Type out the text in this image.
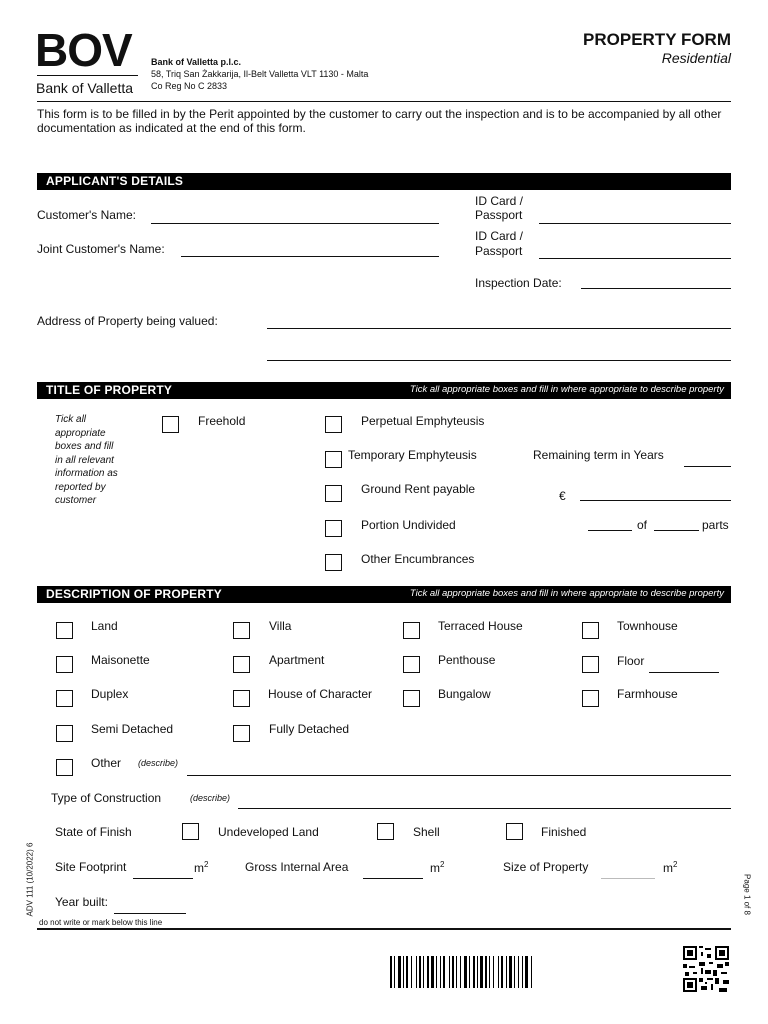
BOV
Bank of Valletta
Bank of Valletta p.l.c.
58, Triq San Żakkarija, Il-Belt Valletta VLT 1130 - Malta
Co Reg No C 2833
PROPERTY FORM
Residential
This form is to be filled in by the Perit appointed by the customer to carry out the inspection and is to be accompanied by all other documentation as indicated at the end of this form.
APPLICANT'S DETAILS
Customer's Name:
ID Card /
Passport
Joint Customer's Name:
ID Card /
Passport
Inspection Date:
Address of Property being valued:
TITLE OF PROPERTY	Tick all appropriate boxes and fill in where appropriate to describe property
Tick all
appropriate
boxes and fill
in all relevant
information as
reported by
customer
Freehold	Perpetual Emphyteusis
Temporary Emphyteusis	Remaining term in Years
Ground Rent payable	€
Portion Undivided	of	parts
Other Encumbrances
DESCRIPTION OF PROPERTY	Tick all appropriate boxes and fill in where appropriate to describe property
Land	Villa	Terraced House	Townhouse
Maisonette	Apartment	Penthouse	Floor
Duplex	House of Character	Bungalow	Farmhouse
Semi Detached	Fully Detached
Other (describe)
Type of Construction	(describe)
State of Finish	Undeveloped Land	Shell	Finished
Site Footprint	$m^2$	Gross Internal Area	$m^2$	Size of Property	$m^2$
Year built:
do not write or mark below this line
ADV 111 (10/2022) 6	Page 1 of 8
